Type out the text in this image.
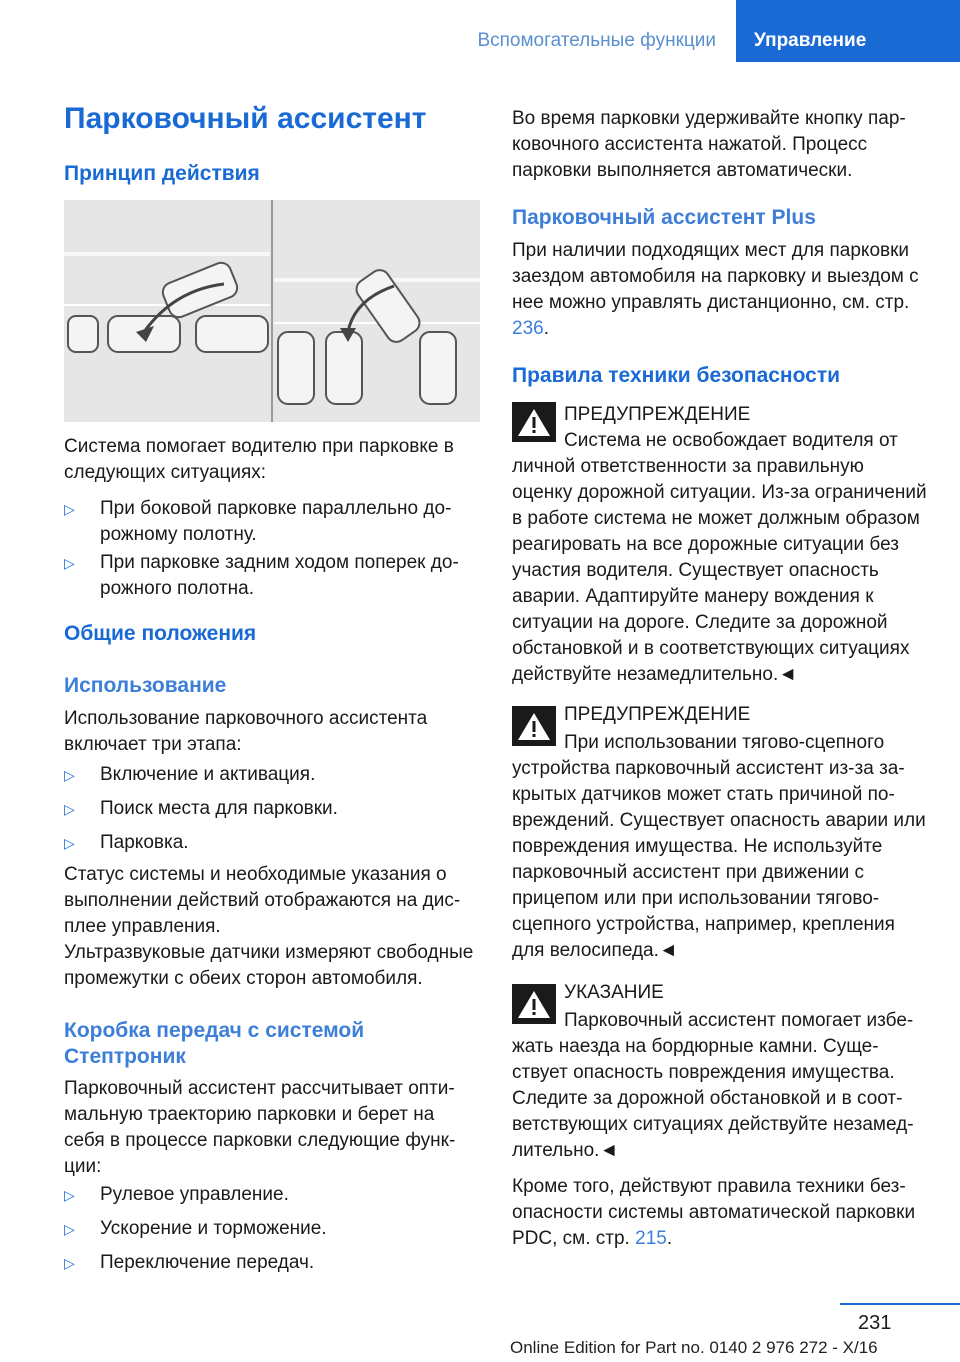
Вспомогательные функции	Управление
Парковочный ассистент
Принцип действия

Система помогает водителю при парковке в следующих ситуациях:

▷ При боковой парковке параллельно дорожному полотну.
▷ При парковке задним ходом поперек дорожного полотна.
Общие положения
Использование

Использование парковочного ассистента включает три этапа:

▷ Включение и активация.
▷ Поиск места для парковки.
▷ Парковка.

Статус системы и необходимые указания о выполнении действий отображаются на дисплее управления.

Ультразвуковые датчики измеряют свободные промежутки с обеих сторон автомобиля.

Коробка передач с системой Стептроник

Парковочный ассистент рассчитывает оптимальную траекторию парковки и берет на себя в процессе парковки следующие функции:

▷ Рулевое управление.
▷ Ускорение и торможение.
▷ Переключение передач.

Во время парковки удерживайте кнопку парковочного ассистента нажатой. Процесс парковки выполняется автоматически.

Парковочный ассистент Plus

При наличии подходящих мест для парковки заездом автомобиля на парковку и выездом с нее можно управлять дистанционно, см. стр. 236.

Правила техники безопасности

ПРЕДУПРЕЖДЕНИЕ

Система не освобождает водителя от личной ответственности за правильную оценку дорожной ситуации. Из-за ограничений в работе система не может должным образом реагировать на все дорожные ситуации без участия водителя. Существует опасность аварии. Адаптируйте манеру вождения к ситуации на дороге. Следите за дорожной обстановкой и в соответствующих ситуациях действуйте незамедлительно.◄

ПРЕДУПРЕЖДЕНИЕ

При использовании тягово-сцепного устройства парковочный ассистент из-за закрытых датчиков может стать причиной повреждений. Существует опасность аварии или повреждения имущества. Не используйте парковочный ассистент при движении с прицепом или при использовании тягово-сцепного устройства, например, крепления для велосипеда.◄

УКАЗАНИЕ

Парковочный ассистент помогает избежать наезда на бордюрные камни. Существует опасность повреждения имущества. Следите за дорожной обстановкой и в соответствующих ситуациях действуйте незамедлительно.◄

Кроме того, действуют правила техники безопасности системы автоматической парковки PDC, см. стр. 215.

231
Online Edition for Part no. 0140 2 976 272 - X/16
